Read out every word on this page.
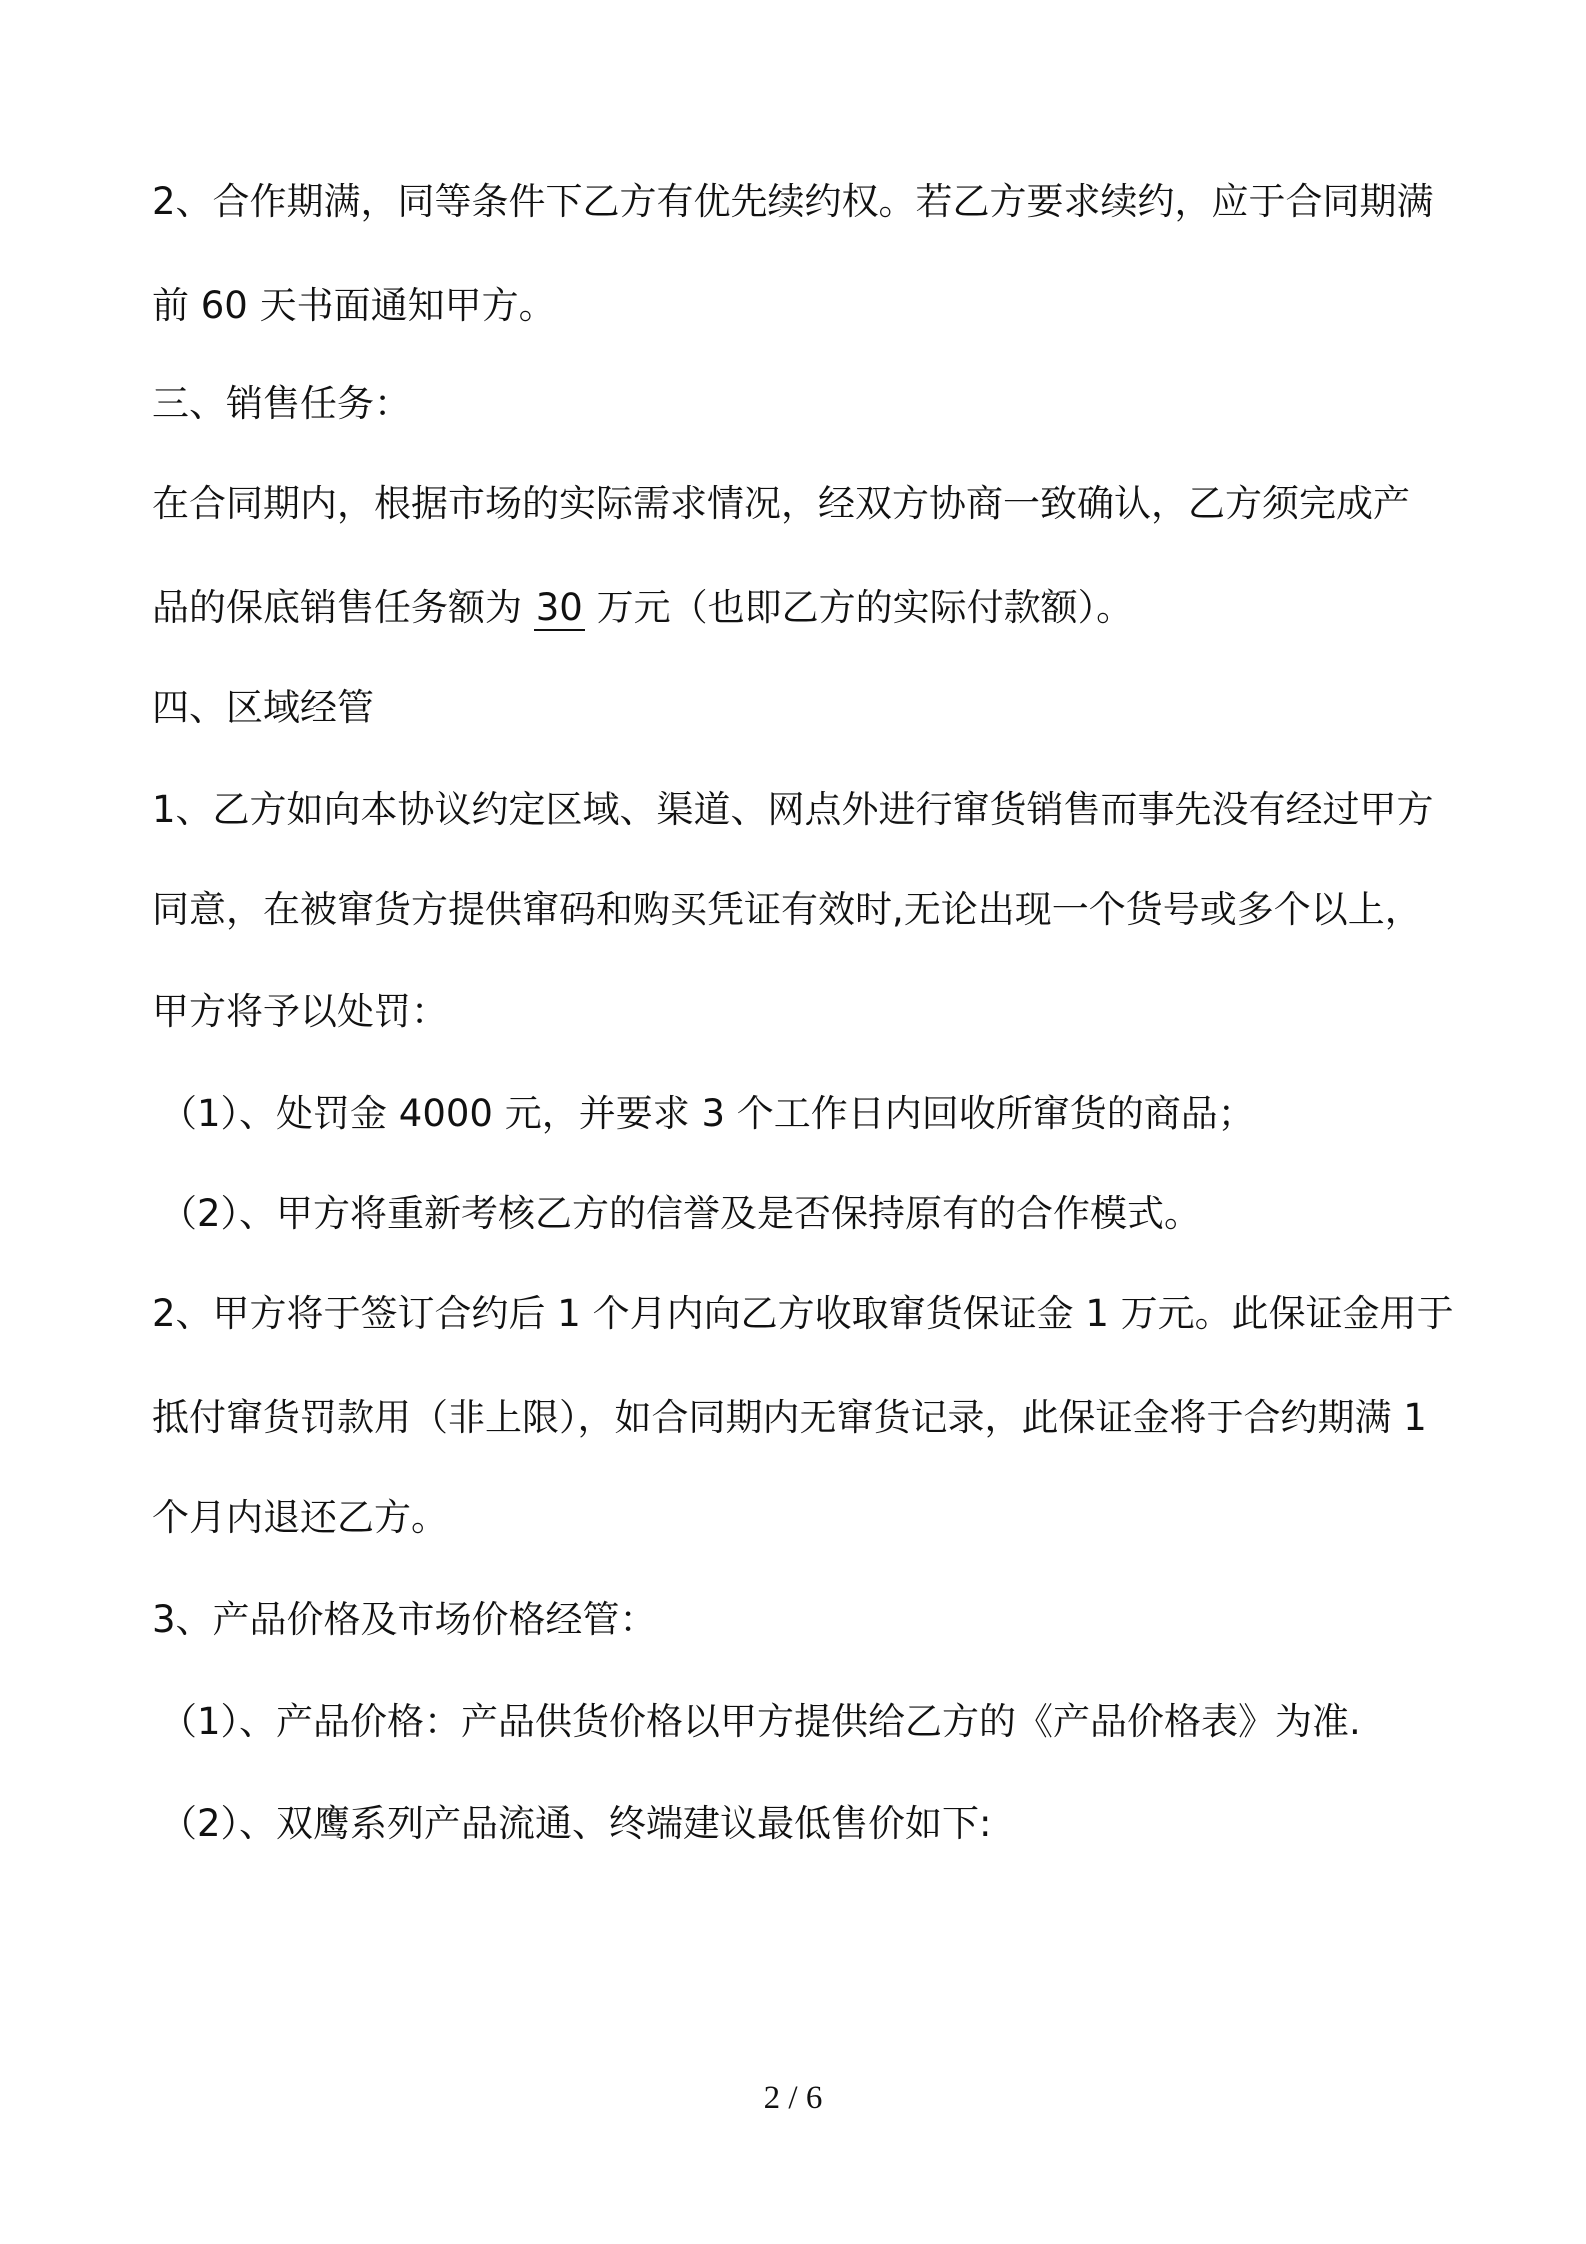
2、合作期满，同等条件下乙方有优先续约权。若乙方要求续约，应于合同期满
前 60 天书面通知甲方。
三、销售任务：
在合同期内，根据市场的实际需求情况，经双方协商一致确认，乙方须完成产
品的保底销售任务额为 30 万元（也即乙方的实际付款额）。
四、区域经管
1、乙方如向本协议约定区域、渠道、网点外进行窜货销售而事先没有经过甲方
同意，在被窜货方提供窜码和购买凭证有效时,无论出现一个货号或多个以上，
甲方将予以处罚：
（1）、处罚金 4000 元，并要求 3 个工作日内回收所窜货的商品；
（2）、甲方将重新考核乙方的信誉及是否保持原有的合作模式。
2、甲方将于签订合约后 1 个月内向乙方收取窜货保证金 1 万元。此保证金用于
抵付窜货罚款用（非上限），如合同期内无窜货记录，此保证金将于合约期满 1
个月内退还乙方。
3、产品价格及市场价格经管：
（1）、产品价格：产品供货价格以甲方提供给乙方的《产品价格表》为准.
（2）、双鹰系列产品流通、终端建议最低售价如下:
2 / 6
